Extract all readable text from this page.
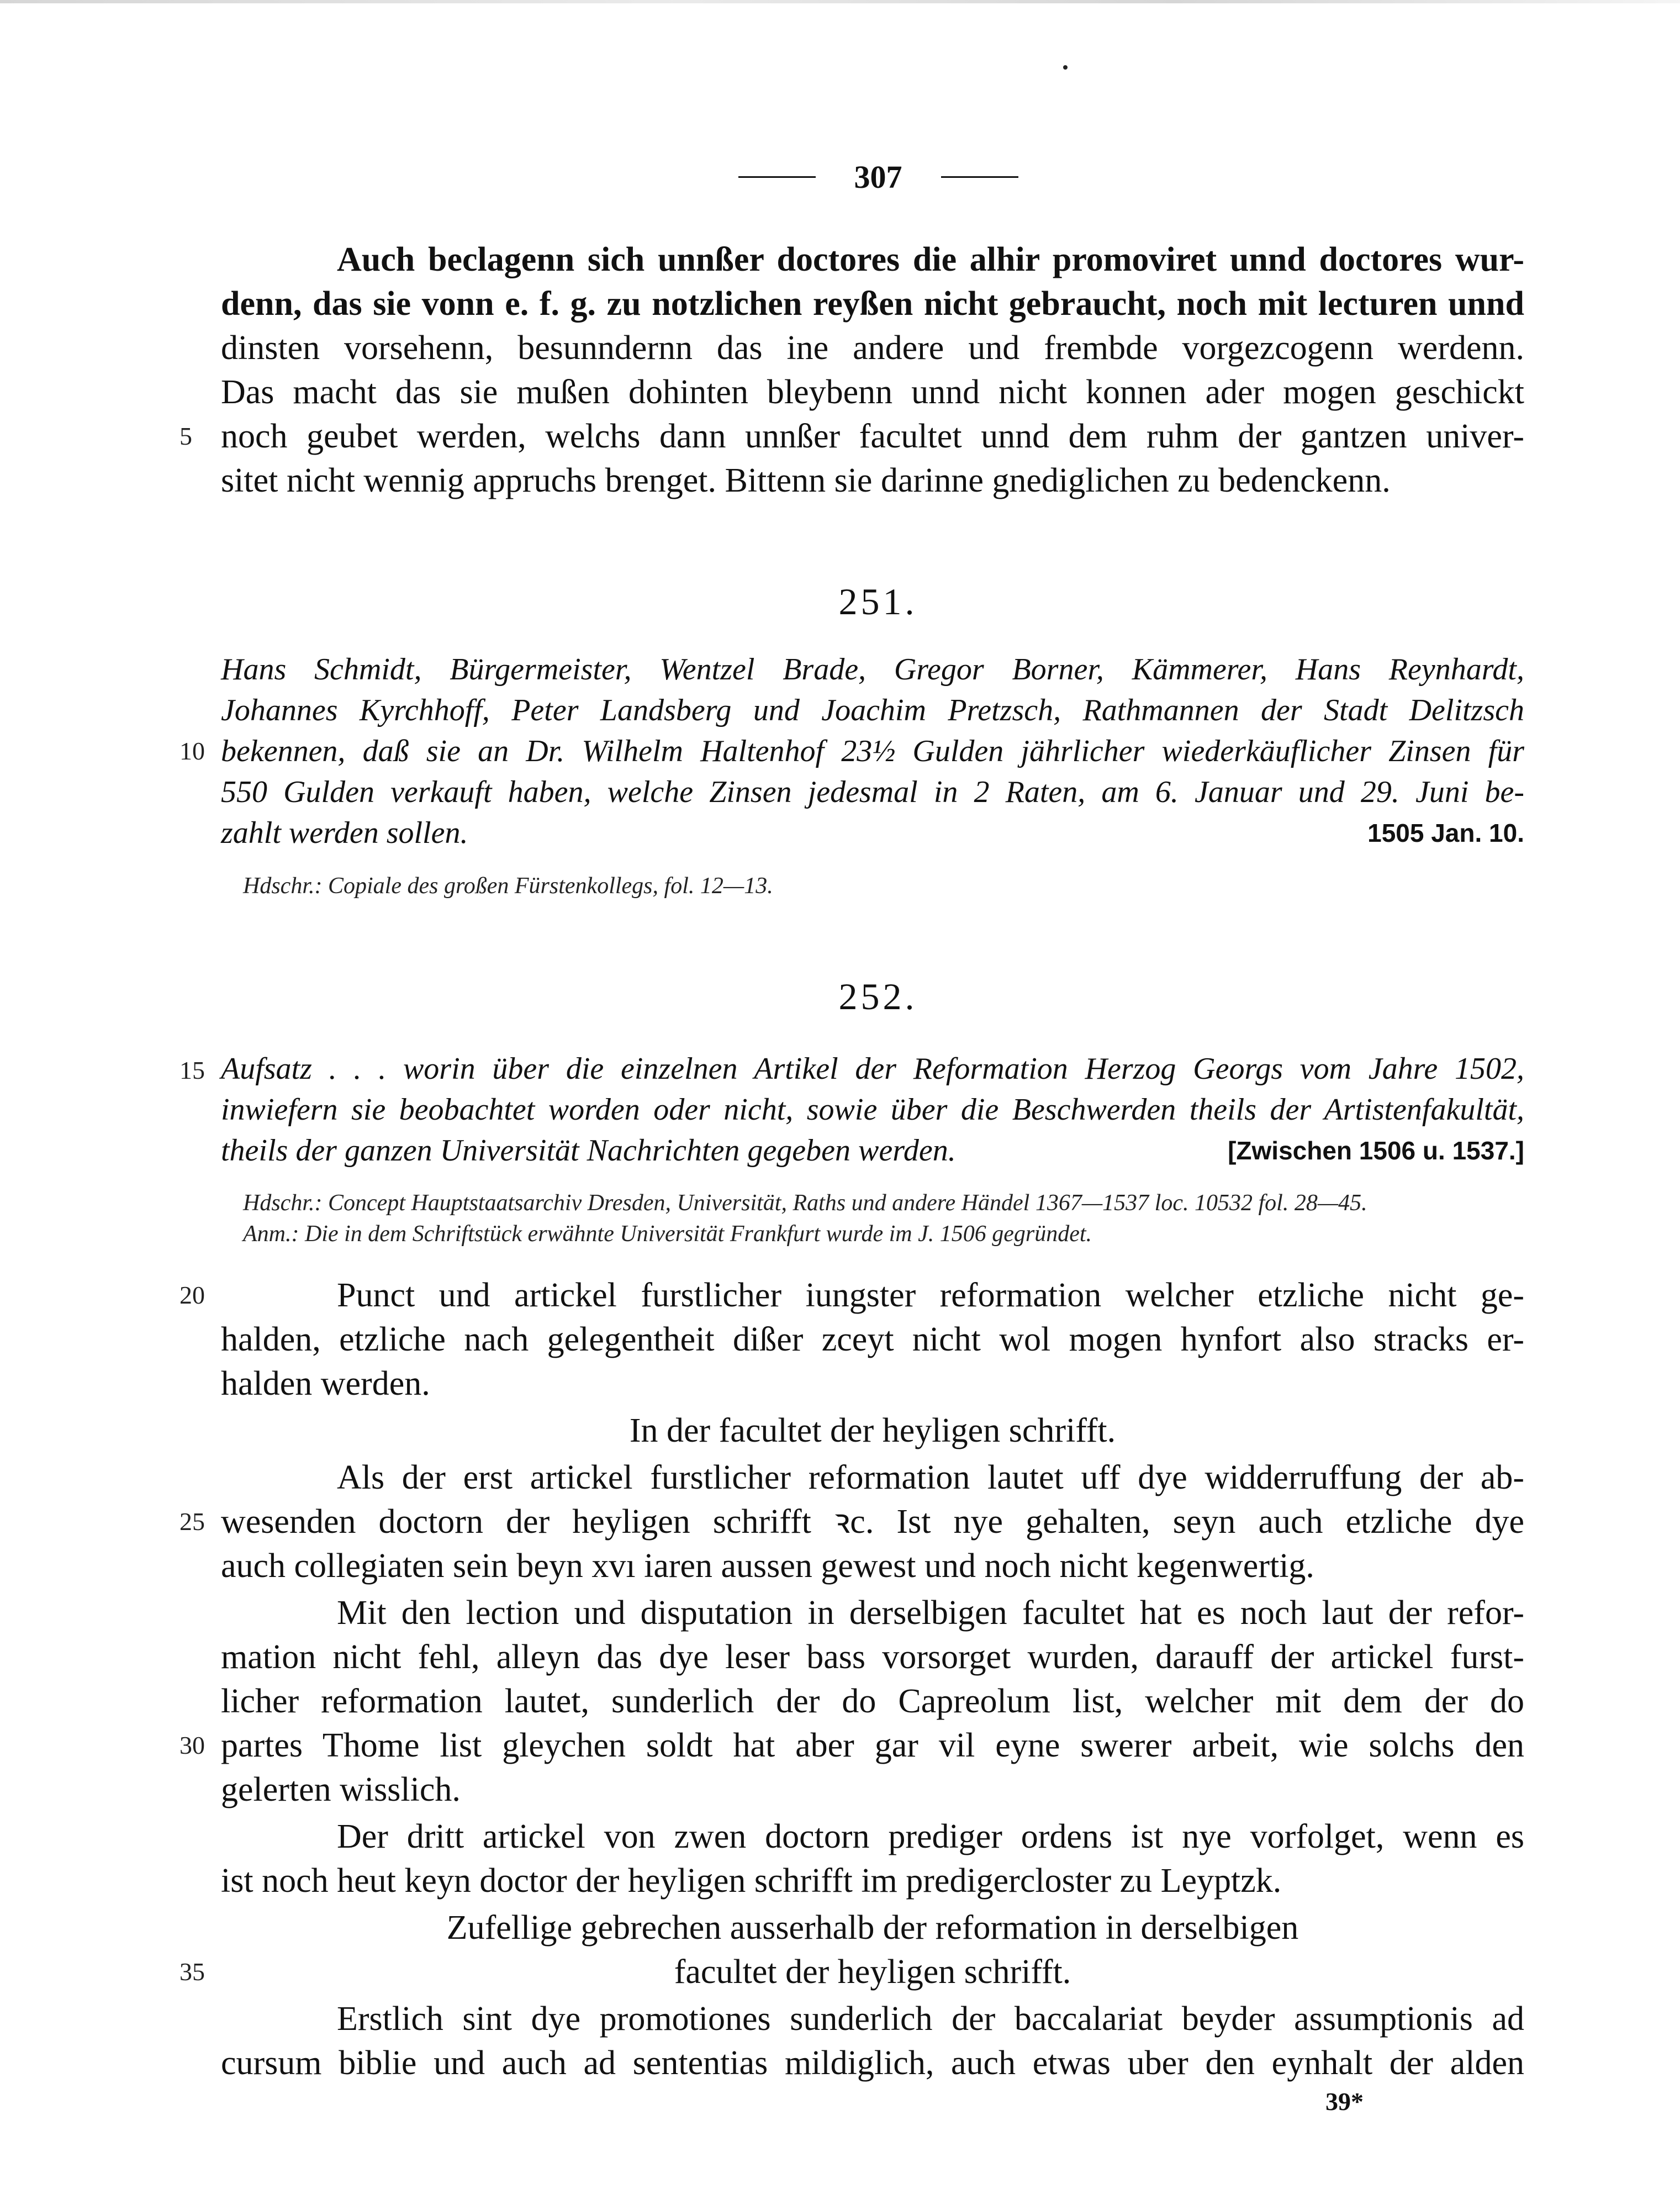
307
Auch beclagenn sich unnßer doctores die alhir promoviret unnd doctores wur-
denn, das sie vonn e. f. g. zu notzlichen reyßen nicht gebraucht, noch mit lecturen unnd
dinsten vorsehenn, besunndernn das ine andere und frembde vorgezcogenn werdenn.
Das macht das sie mußen dohinten bleybenn unnd nicht konnen ader mogen geschickt
5 noch geubet werden, welchs dann unnßer facultet unnd dem ruhm der gantzen univer-
sitet nicht wennig appruchs brenget. Bittenn sie darinne gnediglichen zu bedenckenn.
251.
Hans Schmidt, Bürgermeister, Wentzel Brade, Gregor Borner, Kämmerer, Hans Reynhardt,
Johannes Kyrchhoff, Peter Landsberg und Joachim Pretzsch, Rathmannen der Stadt Delitzsch
10 bekennen, daß sie an Dr. Wilhelm Haltenhof 23½ Gulden jährlicher wiederkäuflicher Zinsen für
550 Gulden verkauft haben, welche Zinsen jedesmal in 2 Raten, am 6. Januar und 29. Juni be-
zahlt werden sollen.	1505 Jan. 10.
Hdschr.: Copiale des großen Fürstenkollegs, fol. 12—13.
252.
15 Aufsatz . . . worin über die einzelnen Artikel der Reformation Herzog Georgs vom Jahre 1502,
inwiefern sie beobachtet worden oder nicht, sowie über die Beschwerden theils der Artistenfakultät,
theils der ganzen Universität Nachrichten gegeben werden.	[Zwischen 1506 u. 1537.]
Hdschr.: Concept Hauptstaatsarchiv Dresden, Universität, Raths und andere Händel 1367—1537 loc. 10532 fol. 28—45.
Anm.: Die in dem Schriftstück erwähnte Universität Frankfurt wurde im J. 1506 gegründet.
20	Punct und artickel furstlicher iungster reformation welcher etzliche nicht ge-
halden, etzliche nach gelegentheit dißer zceyt nicht wol mogen hynfort also stracks er-
halden werden.
In der facultet der heyligen schrifft.
Als der erst artickel furstlicher reformation lautet uff dye widderruffung der ab-
25 wesenden doctorn der heyligen schrifft ꝛc. Ist nye gehalten, seyn auch etzliche dye
auch collegiaten sein beyn xvı iaren aussen gewest und noch nicht kegenwertig.
Mit den lection und disputation in derselbigen facultet hat es noch laut der refor-
mation nicht fehl, alleyn das dye leser bass vorsorget wurden, darauff der artickel furst-
licher reformation lautet, sunderlich der do Capreolum list, welcher mit dem der do
30 partes Thome list gleychen soldt hat aber gar vil eyne swerer arbeit, wie solchs den
gelerten wisslich.
Der dritt artickel von zwen doctorn prediger ordens ist nye vorfolget, wenn es
ist noch heut keyn doctor der heyligen schrifft im predigercloster zu Leyptzk.
Zufellige gebrechen ausserhalb der reformation in derselbigen
35	facultet der heyligen schrifft.
Erstlich sint dye promotiones sunderlich der baccalariat beyder assumptionis ad
cursum biblie und auch ad sententias mildiglich, auch etwas uber den eynhalt der alden
39*
